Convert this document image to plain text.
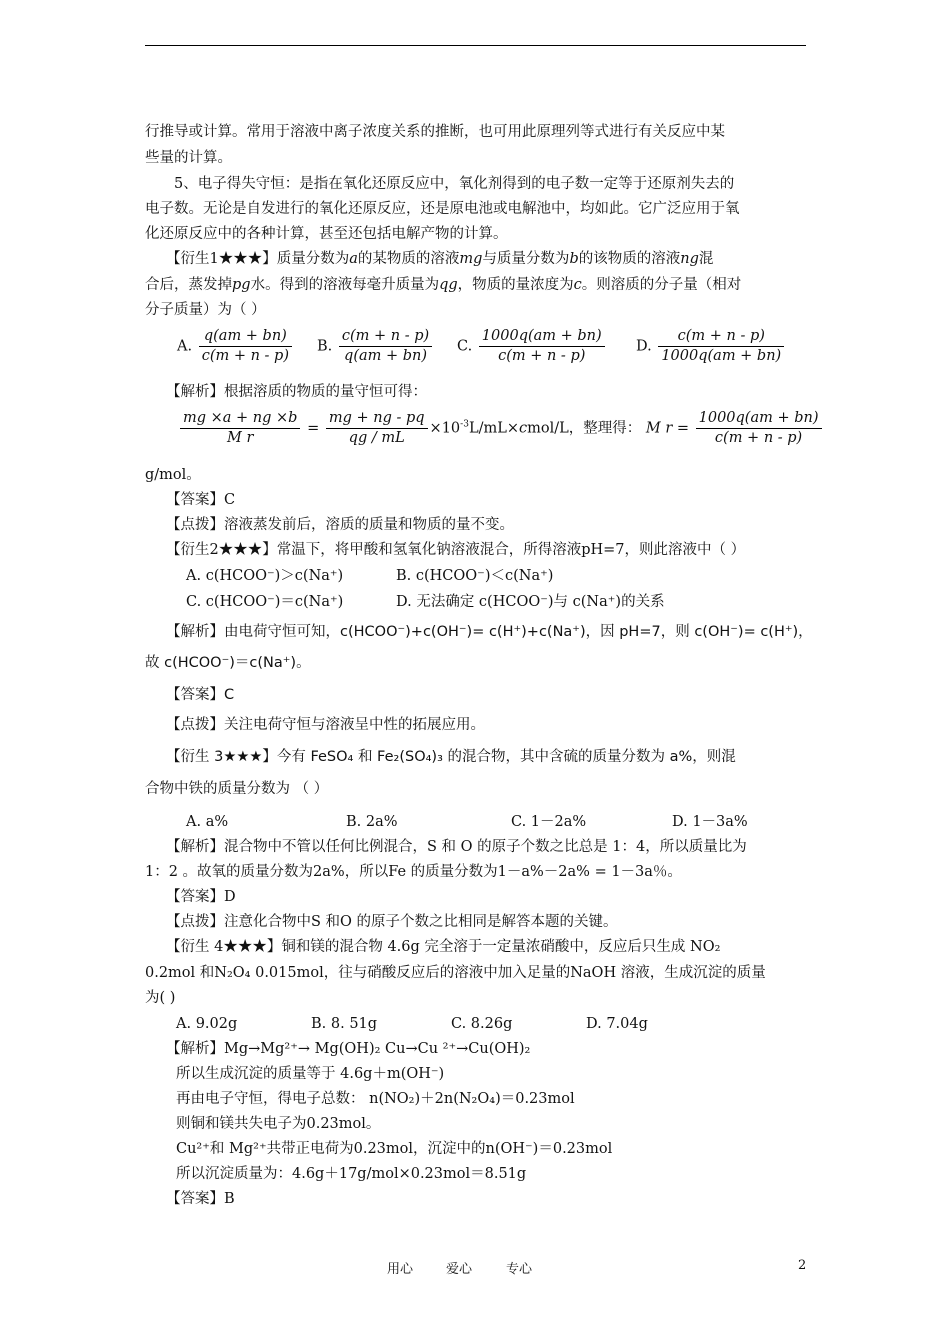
行推导或计算。常用于溶液中离子浓度关系的推断，也可用此原理列等式进行有关反应中某
些量的计算。
5、电子得失守恒：是指在氧化还原反应中，氧化剂得到的电子数一定等于还原剂失去的
电子数。无论是自发进行的氧化还原反应，还是原电池或电解池中，均如此。它广泛应用于氧
化还原反应中的各种计算，甚至还包括电解产物的计算。
【衍生1★★★】质量分数为a的某物质的溶液mg与质量分数为b的该物质的溶液ng混
合后，蒸发掉pg水。得到的溶液每毫升质量为qg，物质的量浓度为c。则溶质的分子量（相对
分子质量）为（ ）
A. $\frac{q(am + bn)}{c(m + n - p)} B$. $\frac{c(m + n - p)}{q(am + bn)} C$. $\frac{1000q(am + bn)}{c(m + n - p)} D$. $\frac{c(m + n - p)}{1000q(am + bn)}$
【解析】根据溶质的物质的量守恒可得：
$\frac{mg \times a + ng \times b}{\text{M r}} = \frac{mg + ng - pq}{qg / mL}$ $\times 10^{-3}L/mL\times cmol/L$，整理得： M $r = \frac{1000q(am + bn)}{c(m + n - p)}$
g/mol。
【答案】C
【点拨】溶液蒸发前后，溶质的质量和物质的量不变。
【衍生2★★★】常温下，将甲酸和氢氧化钠溶液混合，所得溶液pH=7，则此溶液中（ ）
A. c(HCOO⁻)＞c(Na⁺)	B. c(HCOO⁻)＜c(Na⁺)
C. c(HCOO⁻)＝c(Na⁺)	D. 无法确定 c(HCOO⁻)与 c(Na⁺)的关系
【解析】由电荷守恒可知，c(HCOO⁻)+c(OH⁻)= c(H⁺)+c(Na⁺)，因 pH=7，则 c(OH⁻)= c(H⁺)，
故 c(HCOO⁻)＝c(Na⁺)。
【答案】C
【点拨】关注电荷守恒与溶液呈中性的拓展应用。
【衍生 3★★★】今有 FeSO₄ 和 Fe₂(SO₄)₃ 的混合物，其中含硫的质量分数为 a%，则混
合物中铁的质量分数为 （ ）
A. a%	B. 2a%	C. 1－2a%	D. 1－3a%
【解析】混合物中不管以任何比例混合，S 和 O 的原子个数之比总是 1：4，所以质量比为
1：2 。故氧的质量分数为2a%，所以Fe 的质量分数为1－a%－2a% = 1－3a％。
【答案】D
【点拨】注意化合物中S 和O 的原子个数之比相同是解答本题的关键。
【衍生 4★★★】铜和镁的混合物 4.6g 完全溶于一定量浓硝酸中，反应后只生成 NO₂
0.2mol 和N₂O₄ 0.015mol，往与硝酸反应后的溶液中加入足量的NaOH 溶液，生成沉淀的质量
为( )
A. 9.02g	B. 8. 51g	C. 8.26g	D. 7.04g
【解析】Mg→Mg²⁺→ Mg(OH)₂ Cu→Cu ²⁺→Cu(OH)₂
所以生成沉淀的质量等于 4.6g＋m(OH⁻)
再由电子守恒，得电子总数： n(NO₂)＋2n(N₂O₄)＝0.23mol
则铜和镁共失电子为0.23mol。
Cu²⁺和 Mg²⁺共带正电荷为0.23mol，沉淀中的n(OH⁻)＝0.23mol
所以沉淀质量为：4.6g＋17g/mol×0.23mol＝8.51g
【答案】B
用心	爱心	专心	2
